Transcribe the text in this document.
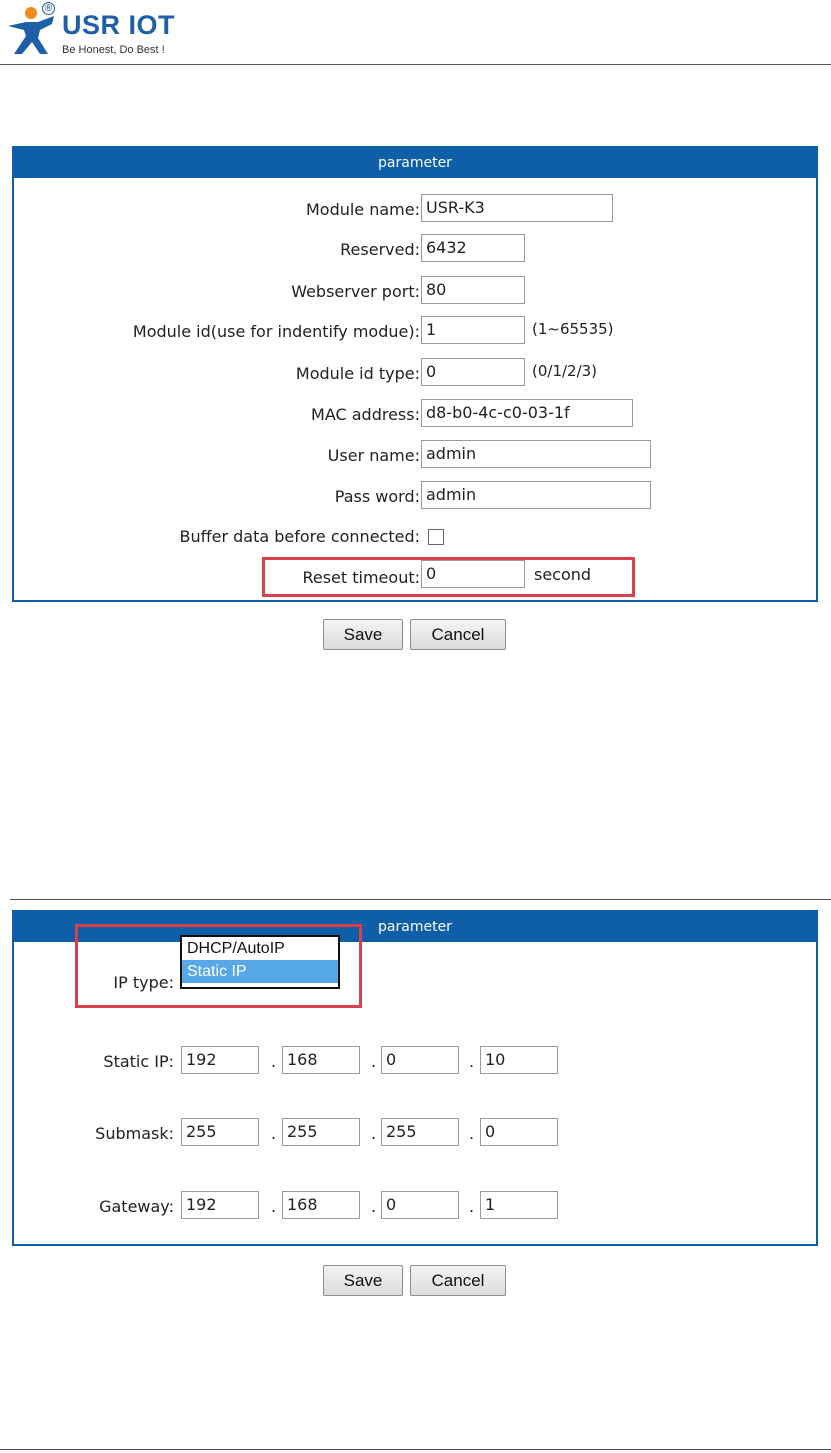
®
USR IOT
Be Honest, Do Best !
parameter
Module name: USR-K3
Reserved: 6432
Webserver port: 80
Module id(use for indentify modue): 1	(1~65535)
Module id type: 0	(0/1/2/3)
MAC address: d8-b0-4c-c0-03-1f
User name: admin
Pass word: admin
Buffer data before connected:
Reset timeout: 0	second
Save	Cancel
parameter
IP type:
DHCP/AutoIP
Static IP
Static IP: 192	. 168	. 0	. 10
Submask: 255	. 255	. 255	. 0
Gateway: 192	. 168	. 0	. 1
Save	Cancel
